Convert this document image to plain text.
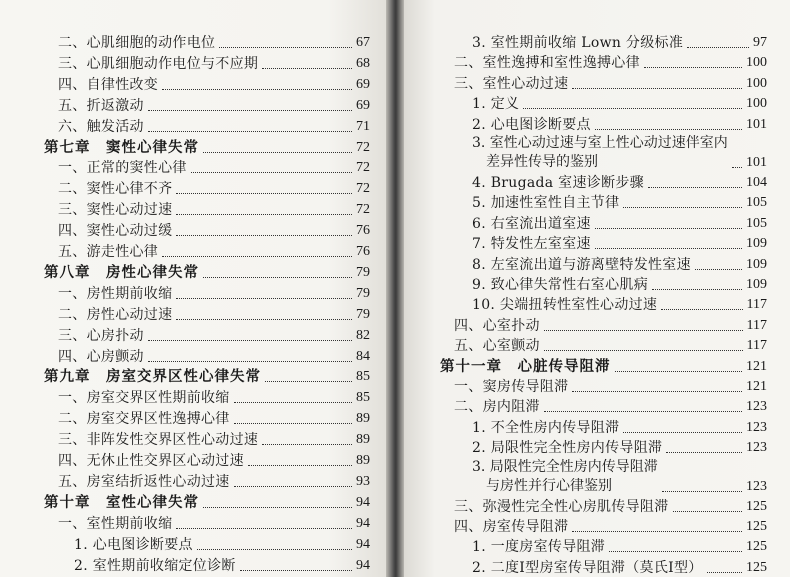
二、心肌细胞的动作电位	67
三、心肌细胞动作电位与不应期	68
四、自律性改变	69
五、折返激动	69
六、触发活动	71
第七章　窦性心律失常	72
一、正常的窦性心律	72
二、窦性心律不齐	72
三、窦性心动过速	72
四、窦性心动过缓	76
五、游走性心律	76
第八章　房性心律失常	79
一、房性期前收缩	79
二、房性心动过速	79
三、心房扑动	82
四、心房颤动	84
第九章　房室交界区性心律失常	85
一、房室交界区性期前收缩	85
二、房室交界区性逸搏心律	89
三、非阵发性交界区性心动过速	89
四、无休止性交界区心动过速	89
五、房室结折返性心动过速	93
第十章　室性心律失常	94
一、室性期前收缩	94
1. 心电图诊断要点	94
2. 室性期前收缩定位诊断	94
3. 室性期前收缩 Lown 分级标准	97
二、室性逸搏和室性逸搏心律	100
三、室性心动过速	100
1. 定义	100
2. 心电图诊断要点	101
3. 室性心动过速与室上性心动过速伴室内
差异性传导的鉴别	101
4. Brugada 室速诊断步骤	104
5. 加速性室性自主节律	105
6. 右室流出道室速	105
7. 特发性左室室速	109
8. 左室流出道与游离壁特发性室速	109
9. 致心律失常性右室心肌病	109
10. 尖端扭转性室性心动过速	117
四、心室扑动	117
五、心室颤动	117
第十一章　心脏传导阻滞	121
一、窦房传导阻滞	121
二、房内阻滞	123
1. 不全性房内传导阻滞	123
2. 局限性完全性房内传导阻滞	123
3. 局限性完全性房内传导阻滞
与房性并行心律鉴别	123
三、弥漫性完全性心房肌传导阻滞	125
四、房室传导阻滞	125
1. 一度房室传导阻滞	125
2. 二度Ⅰ型房室传导阻滞（莫氏Ⅰ型）	125
